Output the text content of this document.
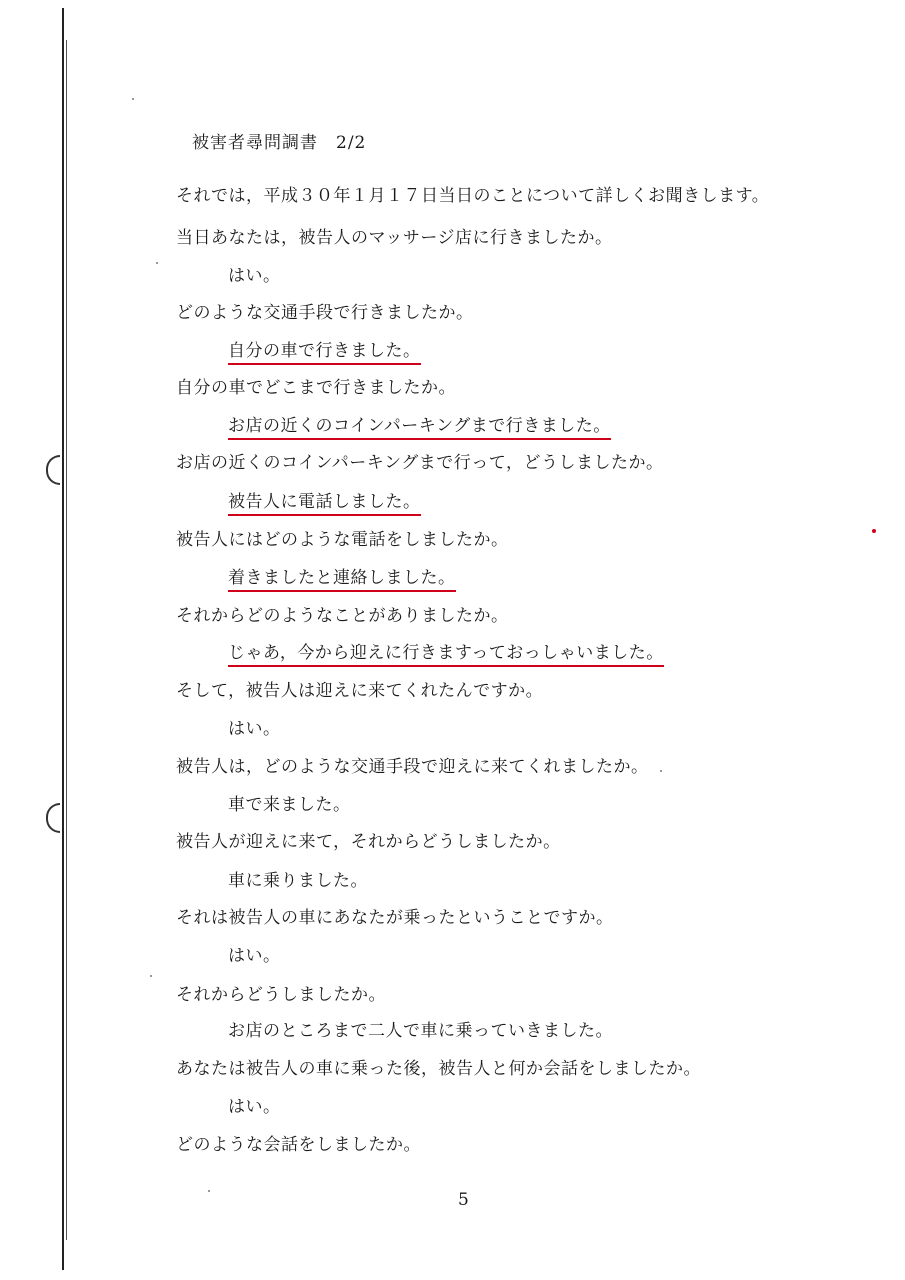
被害者尋問調書　2/2
それでは，平成３０年１月１７日当日のことについて詳しくお聞きします。
当日あなたは，被告人のマッサージ店に行きましたか。
はい。
どのような交通手段で行きましたか。
自分の車で行きました。
自分の車でどこまで行きましたか。
お店の近くのコインパーキングまで行きました。
お店の近くのコインパーキングまで行って，どうしましたか。
被告人に電話しました。
被告人にはどのような電話をしましたか。
着きましたと連絡しました。
それからどのようなことがありましたか。
じゃあ，今から迎えに行きますっておっしゃいました。
そして，被告人は迎えに来てくれたんですか。
はい。
被告人は，どのような交通手段で迎えに来てくれましたか。
車で来ました。
被告人が迎えに来て，それからどうしましたか。
車に乗りました。
それは被告人の車にあなたが乗ったということですか。
はい。
それからどうしましたか。
お店のところまで二人で車に乗っていきました。
あなたは被告人の車に乗った後，被告人と何か会話をしましたか。
はい。
どのような会話をしましたか。
5
